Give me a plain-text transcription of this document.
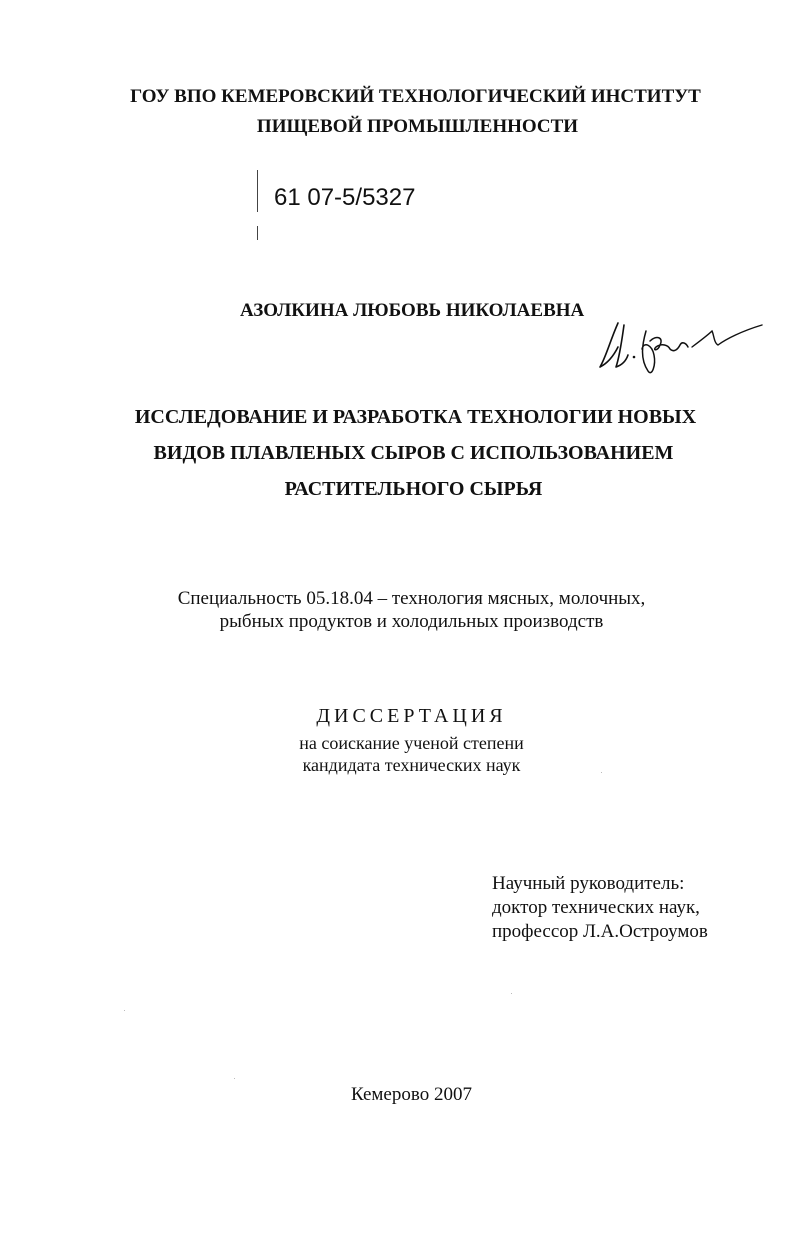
ГОУ ВПО КЕМЕРОВСКИЙ ТЕХНОЛОГИЧЕСКИЙ ИНСТИТУТ
ПИЩЕВОЙ ПРОМЫШЛЕННОСТИ
61 07-5/5327
АЗОЛКИНА ЛЮБОВЬ НИКОЛАЕВНА
ИССЛЕДОВАНИЕ И РАЗРАБОТКА ТЕХНОЛОГИИ НОВЫХ
ВИДОВ ПЛАВЛЕНЫХ СЫРОВ С ИСПОЛЬЗОВАНИЕМ
РАСТИТЕЛЬНОГО СЫРЬЯ
Специальность 05.18.04 – технология мясных, молочных,
рыбных продуктов и холодильных производств
ДИССЕРТАЦИЯ
на соискание ученой степени
кандидата технических наук
Научный руководитель:
доктор технических наук,
профессор Л.А.Остроумов
Кемерово 2007
